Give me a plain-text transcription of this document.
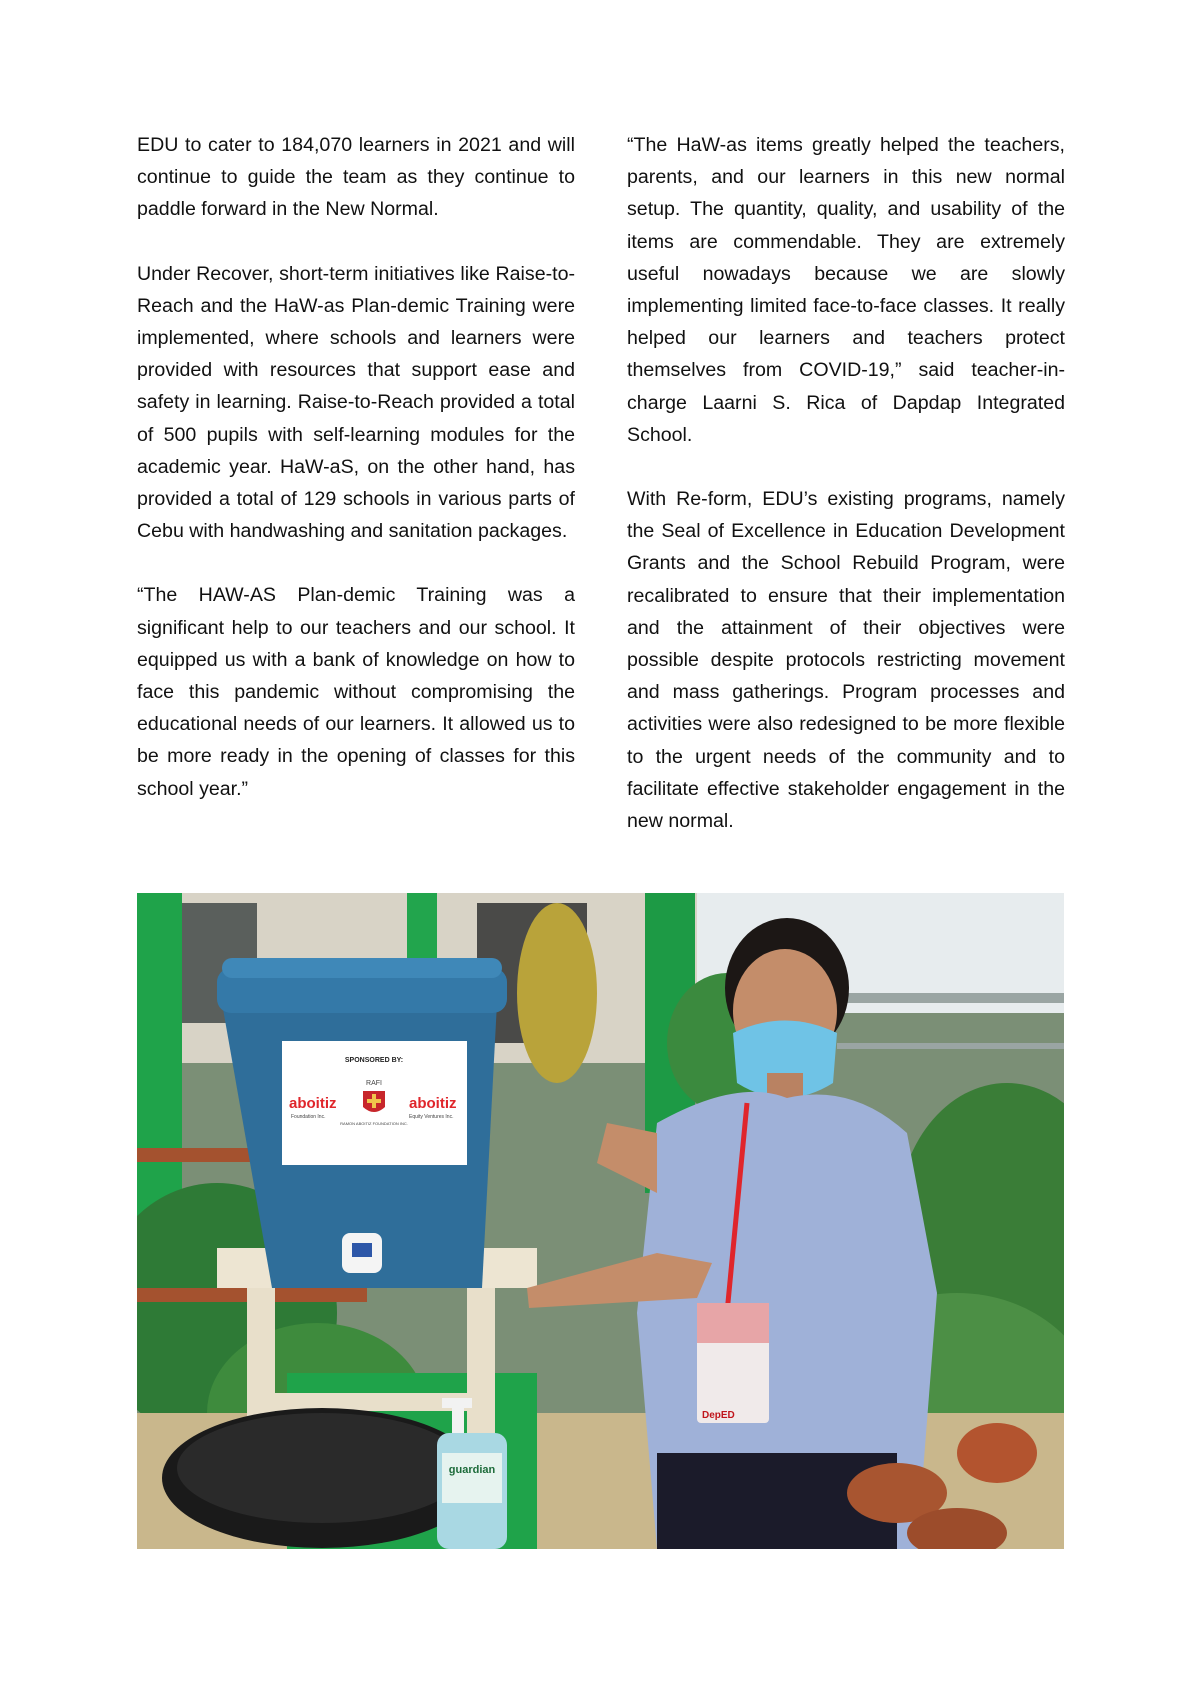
EDU to cater to 184,070 learners in 2021 and will continue to guide the team as they continue to paddle forward in the New Normal.

Under Recover, short-term initiatives like Raise-to-Reach and the HaW-as Plan-demic Training were implemented, where schools and learners were provided with resources that support ease and safety in learning. Raise-to-Reach provided a total of 500 pupils with self-learning modules for the academic year. HaW-aS, on the other hand, has provided a total of 129 schools in various parts of Cebu with handwashing and sanitation packages.

“The HAW-AS Plan-demic Training was a significant help to our teachers and our school. It equipped us with a bank of knowledge on how to face this pandemic without compromising the educational needs of our learners. It allowed us to be more ready in the opening of classes for this school year.”

“The HaW-as items greatly helped the teachers, parents, and our learners in this new normal setup. The quantity, quality, and usability of the items are commendable. They are extremely useful nowadays because we are slowly implementing limited face-to-face classes. It really helped our learners and teachers protect themselves from COVID-19,” said teacher-in-charge Laarni S. Rica of Dapdap Integrated School.

With Re-form, EDU’s existing programs, namely the Seal of Excellence in Education Development Grants and the School Rebuild Program, were recalibrated to ensure that their implementation and the attainment of their objectives were possible despite protocols restricting movement and mass gatherings. Program processes and activities were also redesigned to be more flexible to the urgent needs of the community and to facilitate effective stakeholder engagement in the new normal.

SPONSORED BY:
aboitiz
Foundation Inc.
RAFI
RAMON ABOITIZ FOUNDATION INC.
aboitiz
Equity Ventures Inc.
guardian
DepED
